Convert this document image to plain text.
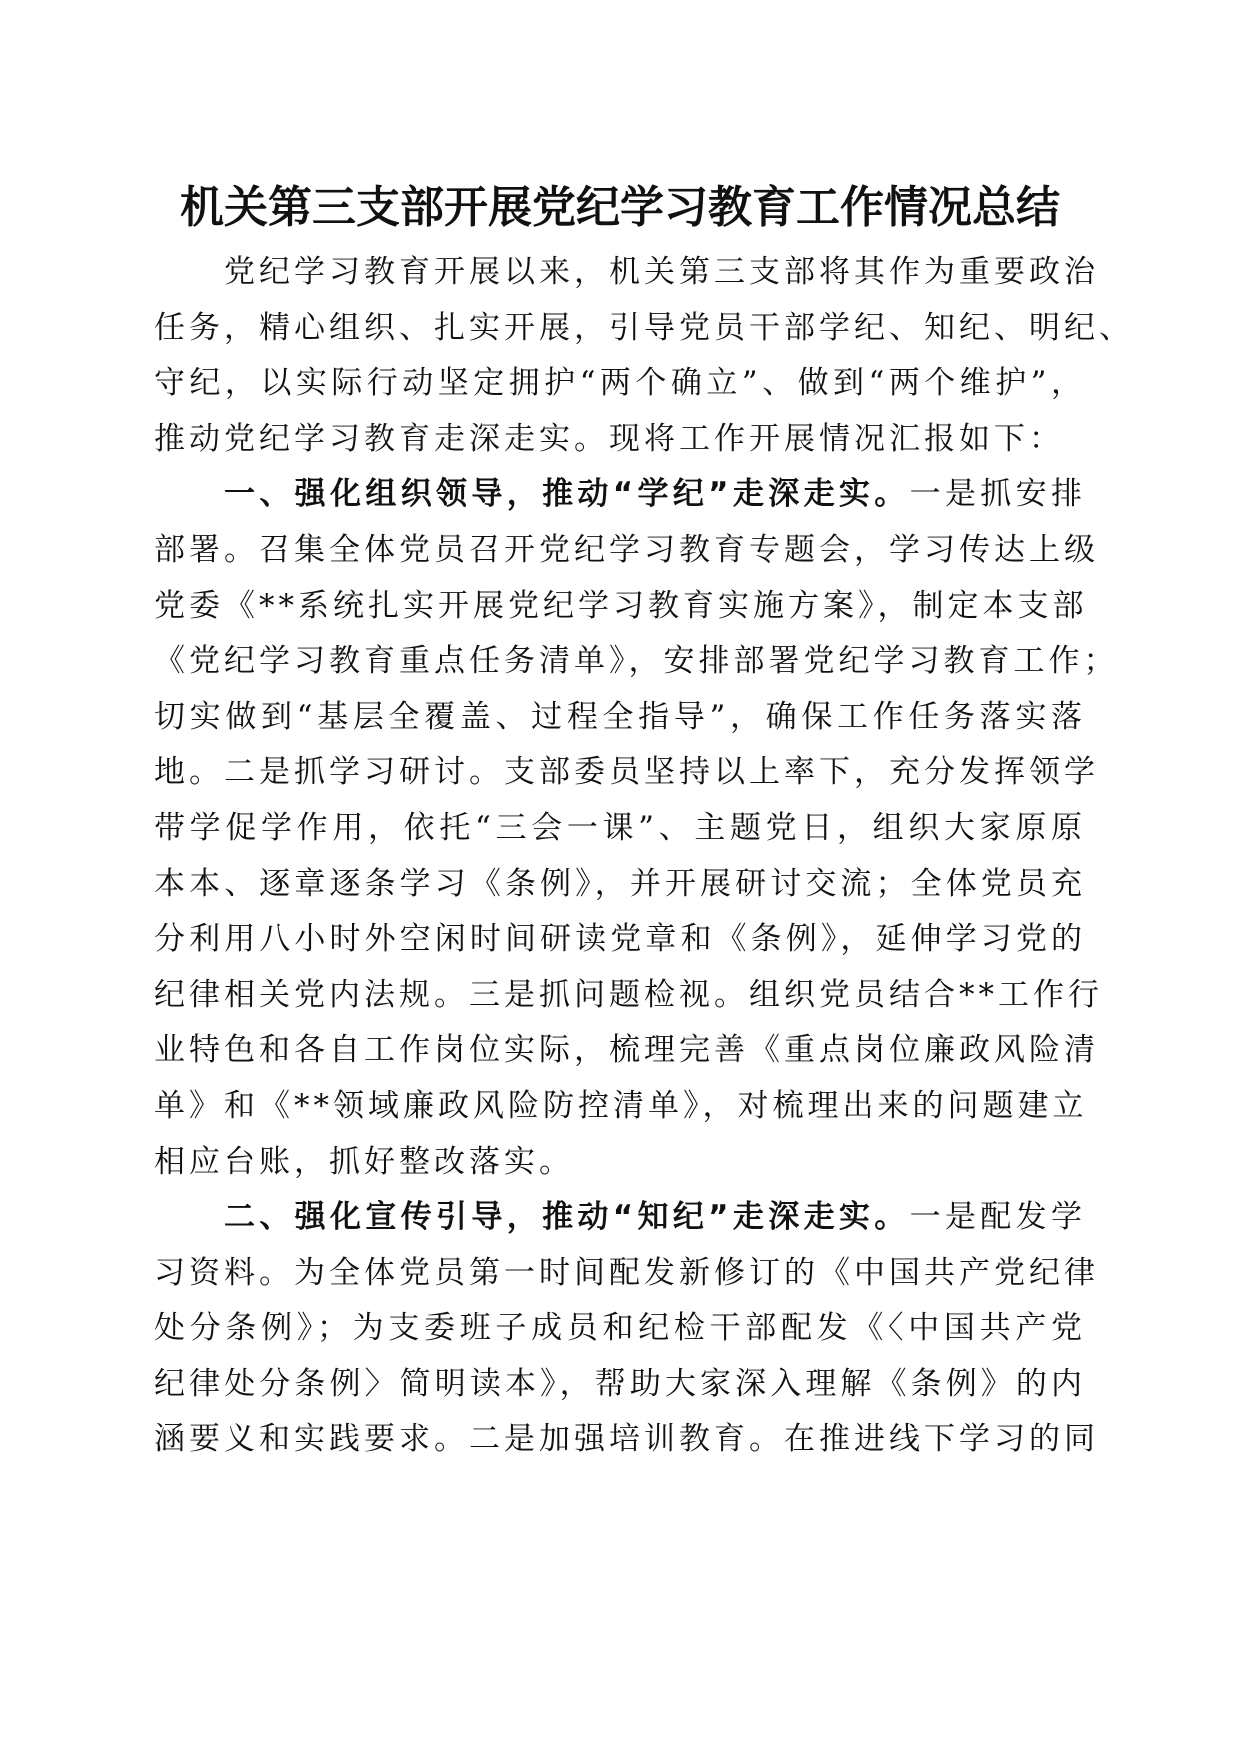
机关第三支部开展党纪学习教育工作情况总结
党纪学习教育开展以来，机关第三支部将其作为重要政治
任务，精心组织、扎实开展，引导党员干部学纪、知纪、明纪、
守纪，以实际行动坚定拥护“两个确立”、做到“两个维护”，
推动党纪学习教育走深走实。现将工作开展情况汇报如下：
一、强化组织领导，推动“学纪”走深走实。一是抓安排
部署。召集全体党员召开党纪学习教育专题会，学习传达上级
党委《**系统扎实开展党纪学习教育实施方案》，制定本支部
《党纪学习教育重点任务清单》，安排部署党纪学习教育工作；
切实做到“基层全覆盖、过程全指导”，确保工作任务落实落
地。二是抓学习研讨。支部委员坚持以上率下，充分发挥领学
带学促学作用，依托“三会一课”、主题党日，组织大家原原
本本、逐章逐条学习《条例》，并开展研讨交流；全体党员充
分利用八小时外空闲时间研读党章和《条例》，延伸学习党的
纪律相关党内法规。三是抓问题检视。组织党员结合**工作行
业特色和各自工作岗位实际，梳理完善《重点岗位廉政风险清
单》和《**领域廉政风险防控清单》，对梳理出来的问题建立
相应台账，抓好整改落实。
二、强化宣传引导，推动“知纪”走深走实。一是配发学
习资料。为全体党员第一时间配发新修订的《中国共产党纪律
处分条例》；为支委班子成员和纪检干部配发《〈中国共产党
纪律处分条例〉简明读本》，帮助大家深入理解《条例》的内
涵要义和实践要求。二是加强培训教育。在推进线下学习的同
